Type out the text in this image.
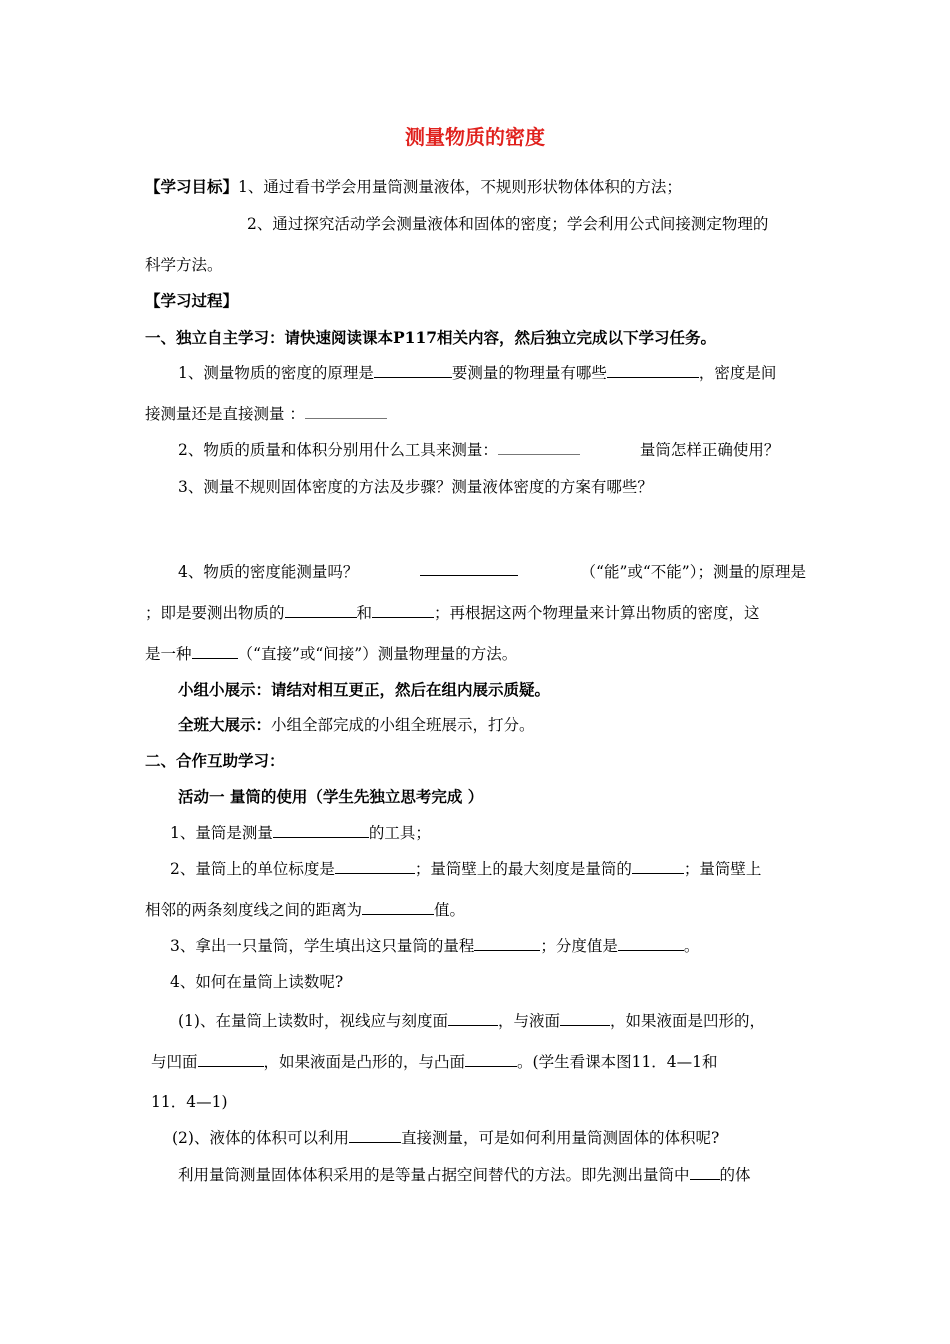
测量物质的密度
【学习目标】1、通过看书学会用量筒测量液体，不规则形状物体体积的方法；
2、通过探究活动学会测量液体和固体的密度；学会利用公式间接测定物理的
科学方法。
【学习过程】
一、独立自主学习：请快速阅读课本P117相关内容，然后独立完成以下学习任务。
1、测量物质的密度的原理是	要测量的物理量有哪些	，密度是间
接测量还是直接测量 ：
2、物质的质量和体积分别用什么工具来测量：	量筒怎样正确使用？
3、测量不规则固体密度的方法及步骤？测量液体密度的方案有哪些？
4、物质的密度能测量吗？	（“能”或“不能”）；测量的原理是
；即是要测出物质的	和	；再根据这两个物理量来计算出物质的密度，这
是一种	（“直接”或“间接”）测量物理量的方法。
小组小展示：请结对相互更正，然后在组内展示质疑。
全班大展示：小组全部完成的小组全班展示，打分。
二、合作互助学习：
活动一 量筒的使用（学生先独立思考完成 ）
1、量筒是测量	的工具；
2、量筒上的单位标度是	；量筒壁上的最大刻度是量筒的	；量筒壁上
相邻的两条刻度线之间的距离为	值。
3、拿出一只量筒，学生填出这只量筒的量程	；分度值是	。
4、如何在量筒上读数呢?
(1)、在量筒上读数时，视线应与刻度面	，与液面	，如果液面是凹形的，
与凹面	，如果液面是凸形的，与凸面	。(学生看课本图11．4—1和
11．4—1)
(2)、液体的体积可以利用	直接测量，可是如何利用量筒测固体的体积呢?
利用量筒测量固体体积采用的是等量占据空间替代的方法。即先测出量筒中 的体
